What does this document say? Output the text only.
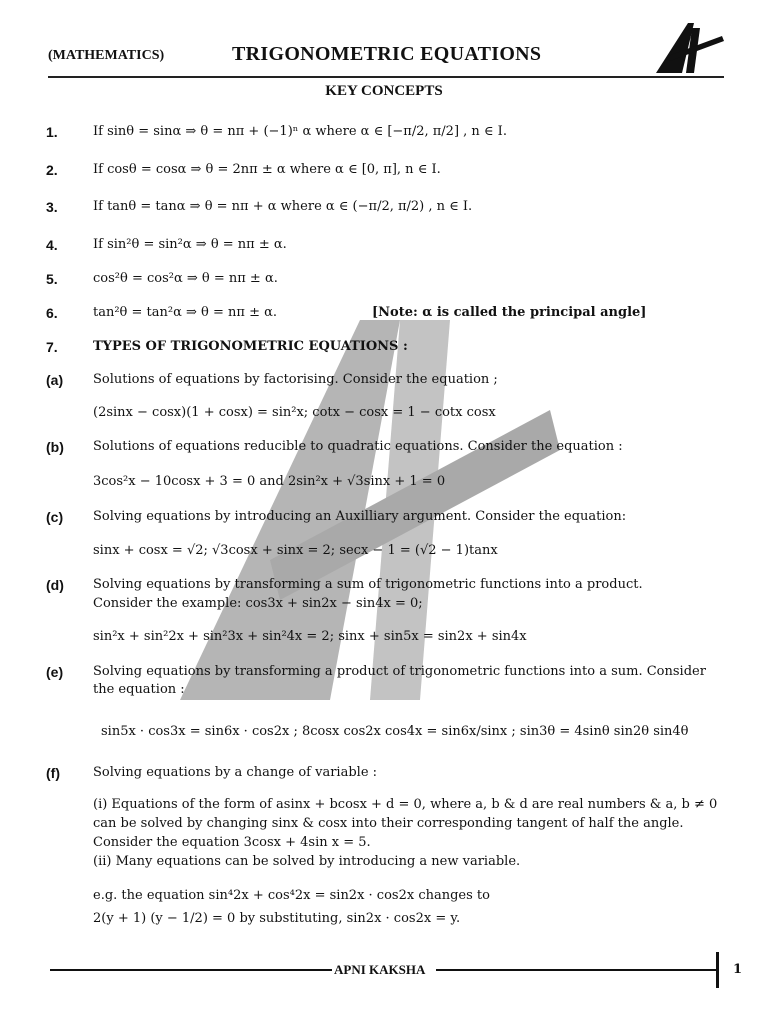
(MATHEMATICS)	TRIGONOMETRIC EQUATIONS
KEY CONCEPTS
1.	If sinθ = sinα ⇒ θ = nπ + (−1)ⁿ α where α ∈ [−π/2, π/2] , n ∈ I.
2.	If cosθ = cosα ⇒ θ = 2nπ ± α where α ∈ [0, π], n ∈ I.
3.	If tanθ = tanα ⇒ θ = nπ + α where α ∈ (−π/2, π/2) , n ∈ I.
4.	If sin²θ = sin²α ⇒ θ = nπ ± α.
5.	cos²θ = cos²α ⇒ θ = nπ ± α.
6.	tan²θ = tan²α ⇒ θ = nπ ± α.	[Note: α is called the principal angle]
7.	TYPES OF TRIGONOMETRIC EQUATIONS :
(a) Solutions of equations by factorising. Consider the equation ;
(2sinx − cosx)(1 + cosx) = sin²x; cotx − cosx = 1 − cotx cosx
(b) Solutions of equations reducible to quadratic equations. Consider the equation :
3cos²x − 10cosx + 3 = 0 and 2sin²x + √3sinx + 1 = 0
(c) Solving equations by introducing an Auxilliary argument. Consider the equation:
sinx + cosx = √2; √3cosx + sinx = 2; secx − 1 = (√2 − 1)tanx
(d) Solving equations by transforming a sum of trigonometric functions into a product.
Consider the example: cos3x + sin2x − sin4x = 0;
sin²x + sin²2x + sin²3x + sin²4x = 2; sinx + sin5x = sin2x + sin4x
(e) Solving equations by transforming a product of trigonometric functions into a sum. Consider
the equation :
sin5x · cos3x = sin6x · cos2x ; 8cosx cos2x cos4x = sin6x/sinx ; sin3θ = 4sinθ sin2θ sin4θ
(f)	Solving equations by a change of variable :
(i) Equations of the form of asinx + bcosx + d = 0, where a, b & d are real numbers & a, b ≠ 0
can be solved by changing sinx & cosx into their corresponding tangent of half the angle.
Consider the equation 3cosx + 4sin x = 5.
(ii) Many equations can be solved by introducing a new variable.
e.g. the equation sin⁴2x + cos⁴2x = sin2x · cos2x changes to
2(y + 1) (y − 1/2) = 0 by substituting, sin2x · cos2x = y.
APNI KAKSHA	1
